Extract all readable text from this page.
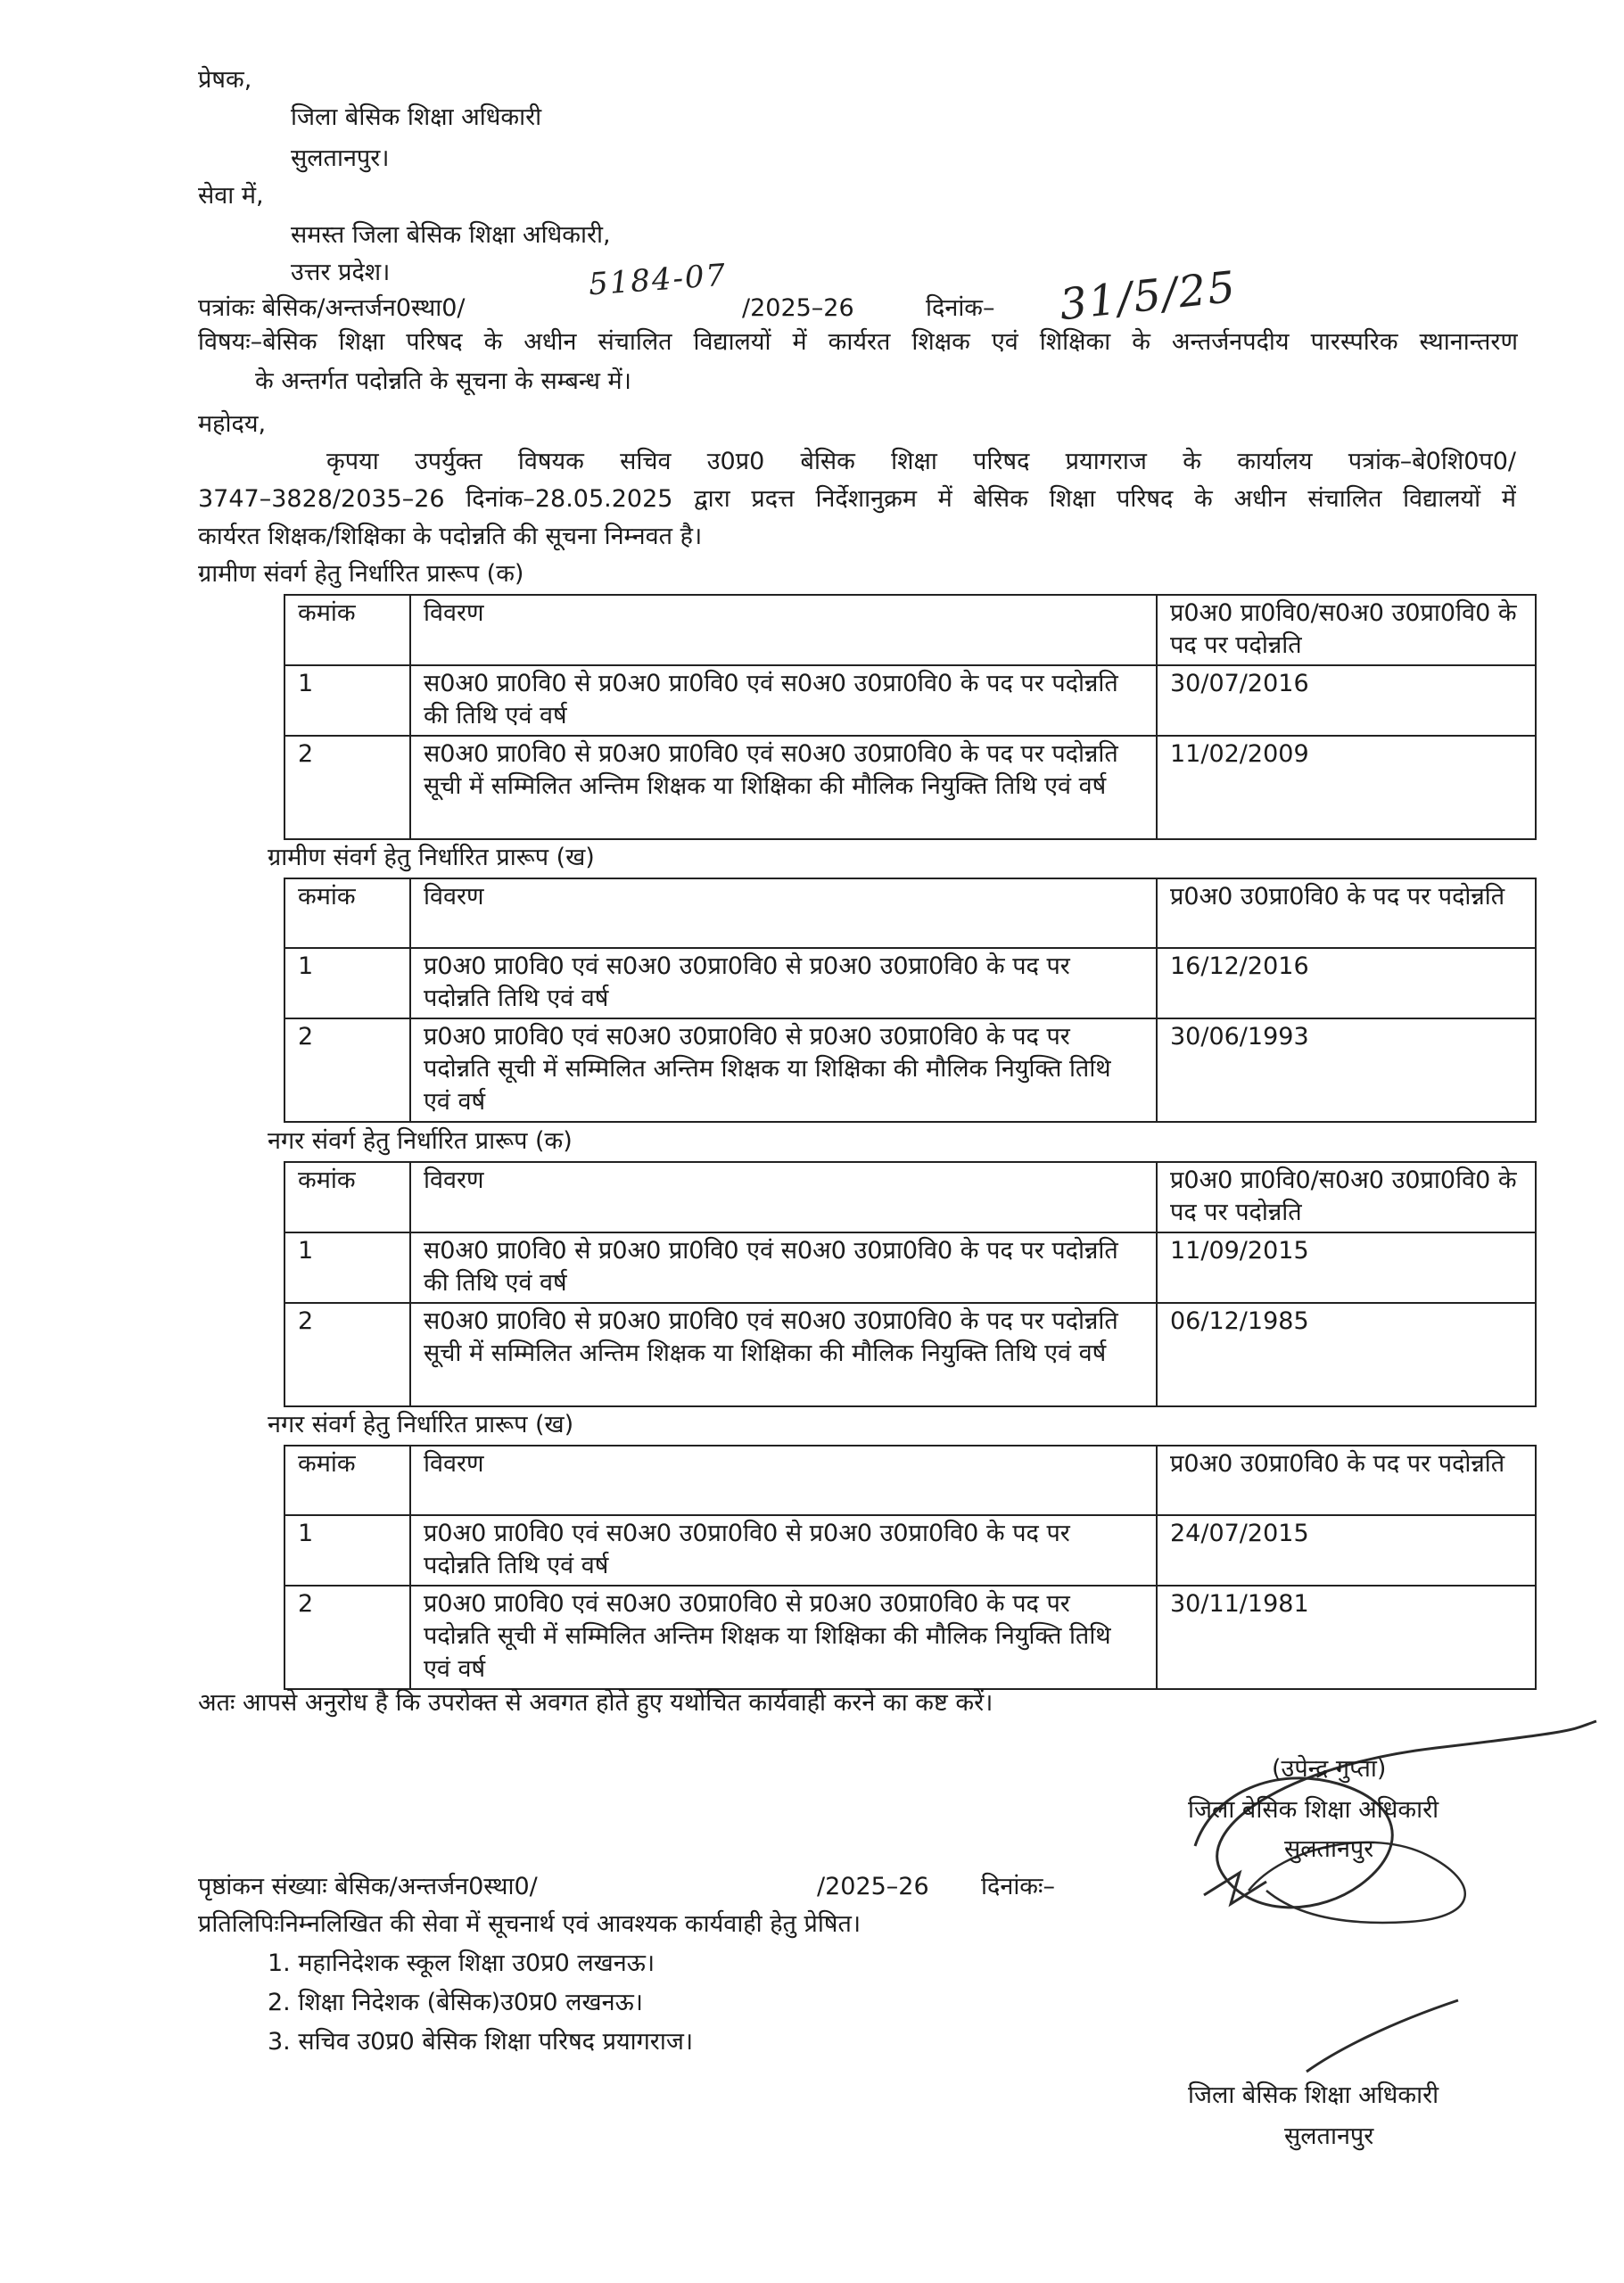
प्रेषक,
जिला बेसिक शिक्षा अधिकारी
सुलतानपुर।
सेवा में,
समस्त जिला बेसिक शिक्षा अधिकारी,
उत्तर प्रदेश।
पत्रांकः बेसिक/अन्तर्जन0स्था0/
5184-07
/2025–26	दिनांक– 31/5/25
विषयः–बेसिक शिक्षा परिषद के अधीन संचालित विद्यालयों में कार्यरत शिक्षक एवं शिक्षिका के अन्तर्जनपदीय पारस्परिक स्थानान्तरण
के अन्तर्गत पदोन्नति के सूचना के सम्बन्ध में।
महोदय,
कृपया उपर्युक्त विषयक सचिव उ0प्र0 बेसिक शिक्षा परिषद प्रयागराज के कार्यालय पत्रांक–बे0शि0प0/
3747–3828/2035–26 दिनांक–28.05.2025 द्वारा प्रदत्त निर्देशानुक्रम में बेसिक शिक्षा परिषद के अधीन संचालित विद्यालयों में
कार्यरत शिक्षक/शिक्षिका के पदोन्नति की सूचना निम्नवत है।
ग्रामीण संवर्ग हेतु निर्धारित प्रारूप (क)
कमांक	विवरण	प्र0अ0 प्रा0वि0/स0अ0 उ0प्रा0वि0 के पद पर पदोन्नति
1	स0अ0 प्रा0वि0 से प्र0अ0 प्रा0वि0 एवं स0अ0 उ0प्रा0वि0 के पद पर पदोन्नति की तिथि एवं वर्ष	30/07/2016
2	स0अ0 प्रा0वि0 से प्र0अ0 प्रा0वि0 एवं स0अ0 उ0प्रा0वि0 के पद पर पदोन्नति सूची में सम्मिलित अन्तिम शिक्षक या शिक्षिका की मौलिक नियुक्ति तिथि एवं वर्ष	11/02/2009
ग्रामीण संवर्ग हेतु निर्धारित प्रारूप (ख)
कमांक	विवरण	प्र0अ0 उ0प्रा0वि0 के पद पर पदोन्नति
1	प्र0अ0 प्रा0वि0 एवं स0अ0 उ0प्रा0वि0 से प्र0अ0 उ0प्रा0वि0 के पद पर पदोन्नति तिथि एवं वर्ष	16/12/2016
2	प्र0अ0 प्रा0वि0 एवं स0अ0 उ0प्रा0वि0 से प्र0अ0 उ0प्रा0वि0 के पद पर पदोन्नति सूची में सम्मिलित अन्तिम शिक्षक या शिक्षिका की मौलिक नियुक्ति तिथि एवं वर्ष	30/06/1993
नगर संवर्ग हेतु निर्धारित प्रारूप (क)
कमांक	विवरण	प्र0अ0 प्रा0वि0/स0अ0 उ0प्रा0वि0 के पद पर पदोन्नति
1	स0अ0 प्रा0वि0 से प्र0अ0 प्रा0वि0 एवं स0अ0 उ0प्रा0वि0 के पद पर पदोन्नति की तिथि एवं वर्ष	11/09/2015
2	स0अ0 प्रा0वि0 से प्र0अ0 प्रा0वि0 एवं स0अ0 उ0प्रा0वि0 के पद पर पदोन्नति सूची में सम्मिलित अन्तिम शिक्षक या शिक्षिका की मौलिक नियुक्ति तिथि एवं वर्ष	06/12/1985
नगर संवर्ग हेतु निर्धारित प्रारूप (ख)
कमांक	विवरण	प्र0अ0 उ0प्रा0वि0 के पद पर पदोन्नति
1	प्र0अ0 प्रा0वि0 एवं स0अ0 उ0प्रा0वि0 से प्र0अ0 उ0प्रा0वि0 के पद पर पदोन्नति तिथि एवं वर्ष	24/07/2015
2	प्र0अ0 प्रा0वि0 एवं स0अ0 उ0प्रा0वि0 से प्र0अ0 उ0प्रा0वि0 के पद पर पदोन्नति सूची में सम्मिलित अन्तिम शिक्षक या शिक्षिका की मौलिक नियुक्ति तिथि एवं वर्ष	30/11/1981
अतः आपसे अनुरोध है कि उपरोक्त से अवगत होते हुए यथोचित कार्यवाही करने का कष्ट करें।
(उपेन्द्र गुप्ता)
जिला बेसिक शिक्षा अधिकारी
सुलतानपुर
पृष्ठांकन संख्याः बेसिक/अन्तर्जन0स्था0/	/2025–26 दिनांकः–
प्रतिलिपिःनिम्नलिखित की सेवा में सूचनार्थ एवं आवश्यक कार्यवाही हेतु प्रेषित।
1. महानिदेशक स्कूल शिक्षा उ0प्र0 लखनऊ।
2. शिक्षा निदेशक (बेसिक)उ0प्र0 लखनऊ।
3. सचिव उ0प्र0 बेसिक शिक्षा परिषद प्रयागराज।
जिला बेसिक शिक्षा अधिकारी
सुलतानपुर
